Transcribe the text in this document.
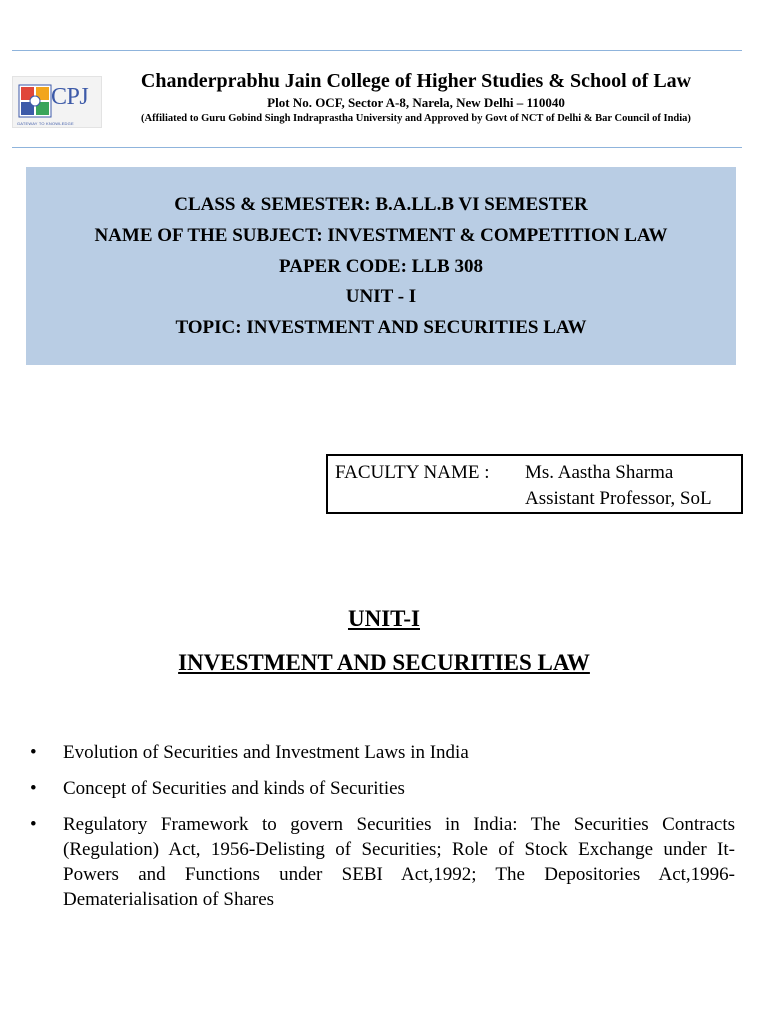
CPJ
GATEWAY TO KNOWLEDGE
Chanderprabhu Jain College of Higher Studies & School of Law
Plot No. OCF, Sector A-8, Narela, New Delhi – 110040
(Affiliated to Guru Gobind Singh Indraprastha University and Approved by Govt of NCT of Delhi & Bar Council of India)
CLASS & SEMESTER: B.A.LL.B VI SEMESTER
NAME OF THE SUBJECT: INVESTMENT & COMPETITION LAW
PAPER CODE: LLB 308
UNIT - I
TOPIC: INVESTMENT AND SECURITIES LAW
FACULTY NAME : Ms. Aastha Sharma
Assistant Professor, SoL
UNIT-I
INVESTMENT AND SECURITIES LAW
• Evolution of Securities and Investment Laws in India
• Concept of Securities and kinds of Securities
• Regulatory Framework to govern Securities in India: The Securities Contracts (Regulation) Act, 1956-Delisting of Securities; Role of Stock Exchange under It- Powers and Functions under SEBI Act,1992; The Depositories Act,1996-Dematerialisation of Shares
